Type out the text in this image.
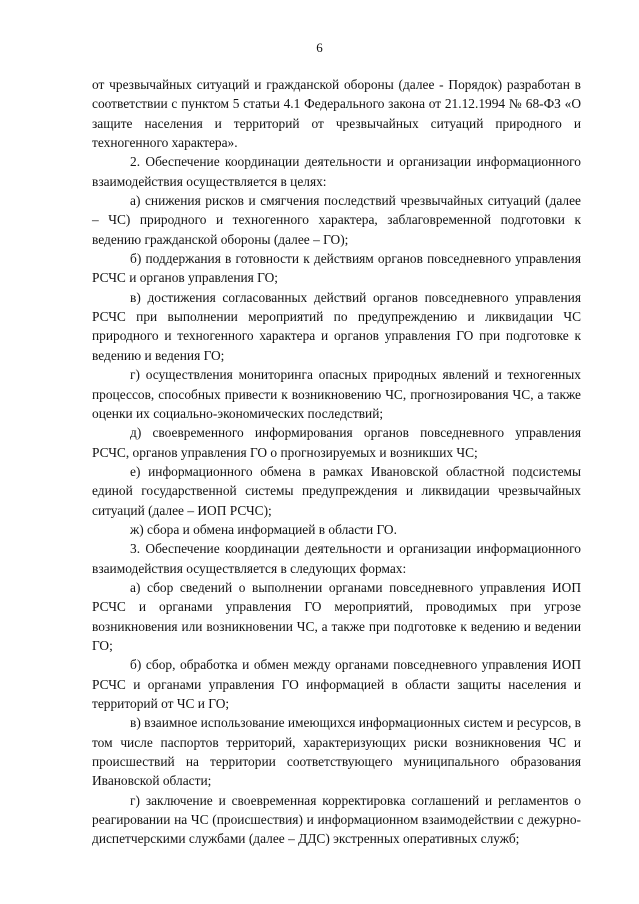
6

от чрезвычайных ситуаций и гражданской обороны (далее - Порядок) разработан в соответствии с пунктом 5 статьи 4.1 Федерального закона от 21.12.1994 № 68-ФЗ «О защите населения и территорий от чрезвычайных ситуаций природного и техногенного характера».

2. Обеспечение координации деятельности и организации информационного взаимодействия осуществляется в целях:

а) снижения рисков и смягчения последствий чрезвычайных ситуаций (далее – ЧС) природного и техногенного характера, заблаговременной подготовки к ведению гражданской обороны (далее – ГО);

б) поддержания в готовности к действиям органов повседневного управления РСЧС и органов управления ГО;

в) достижения согласованных действий органов повседневного управления РСЧС при выполнении мероприятий по предупреждению и ликвидации ЧС природного и техногенного характера и органов управления ГО при подготовке к ведению и ведения ГО;

г) осуществления мониторинга опасных природных явлений и техногенных процессов, способных привести к возникновению ЧС, прогнозирования ЧС, а также оценки их социально-экономических последствий;

д) своевременного информирования органов повседневного управления РСЧС, органов управления ГО о прогнозируемых и возникших ЧС;

е) информационного обмена в рамках Ивановской областной подсистемы единой государственной системы предупреждения и ликвидации чрезвычайных ситуаций (далее – ИОП РСЧС);

ж) сбора и обмена информацией в области ГО.

3. Обеспечение координации деятельности и организации информационного взаимодействия осуществляется в следующих формах:

а) сбор сведений о выполнении органами повседневного управления ИОП РСЧС и органами управления ГО мероприятий, проводимых при угрозе возникновения или возникновении ЧС, а также при подготовке к ведению и ведении ГО;

б) сбор, обработка и обмен между органами повседневного управления ИОП РСЧС и органами управления ГО информацией в области защиты населения и территорий от ЧС и ГО;

в) взаимное использование имеющихся информационных систем и ресурсов, в том числе паспортов территорий, характеризующих риски возникновения ЧС и происшествий на территории соответствующего муниципального образования Ивановской области;

г) заключение и своевременная корректировка соглашений и регламентов о реагировании на ЧС (происшествия) и информационном взаимодействии с дежурно-диспетчерскими службами (далее – ДДС) экстренных оперативных служб;
